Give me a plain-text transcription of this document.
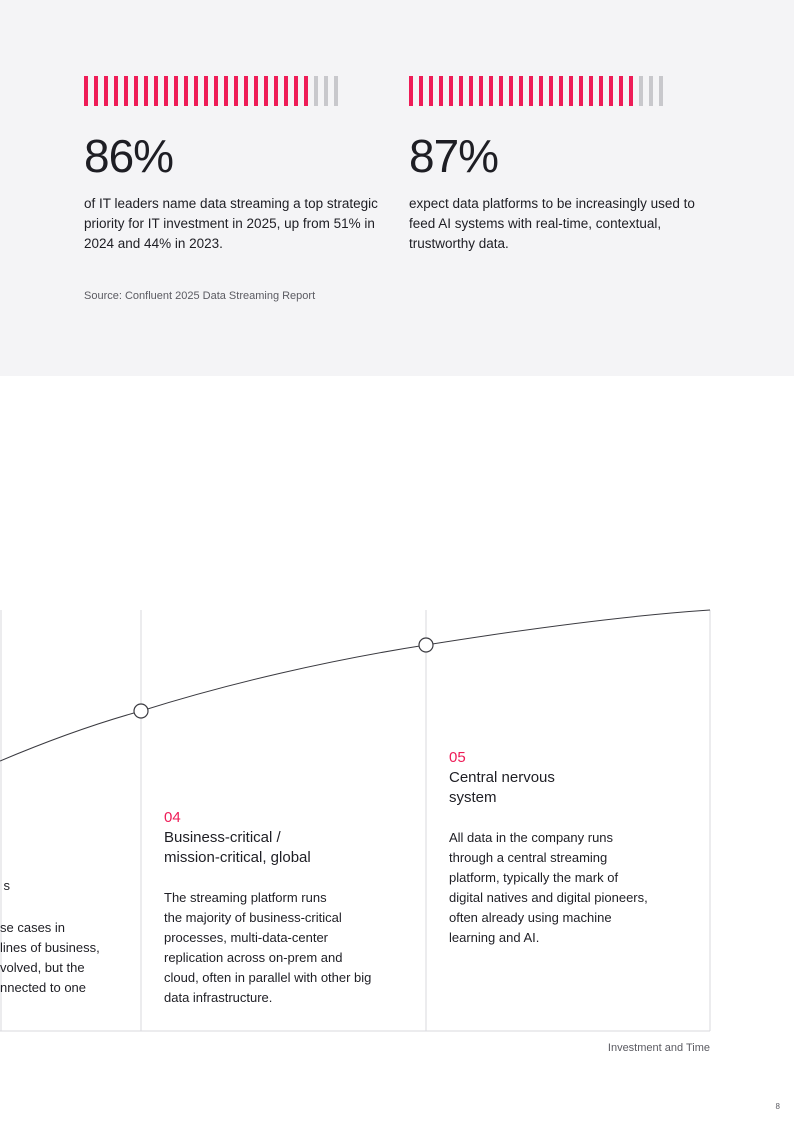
86%
of IT leaders name data streaming a top strategic priority for IT investment in 2025, up from 51% in 2024 and 44% in 2023.
87%
expect data platforms to be increasingly used to feed AI systems with real-time, contextual, trustworthy data.
Source: Confluent 2025 Data Streaming Report
s
se cases in
lines of business,
volved, but the
nnected to one
04
Business-critical /
mission-critical, global
The streaming platform runs
the majority of business-critical
processes, multi-data-center
replication across on-prem and
cloud, often in parallel with other big
data infrastructure.
05
Central nervous
system
All data in the company runs
through a central streaming
platform, typically the mark of
digital natives and digital pioneers,
often already using machine
learning and AI.
Investment and Time
8
